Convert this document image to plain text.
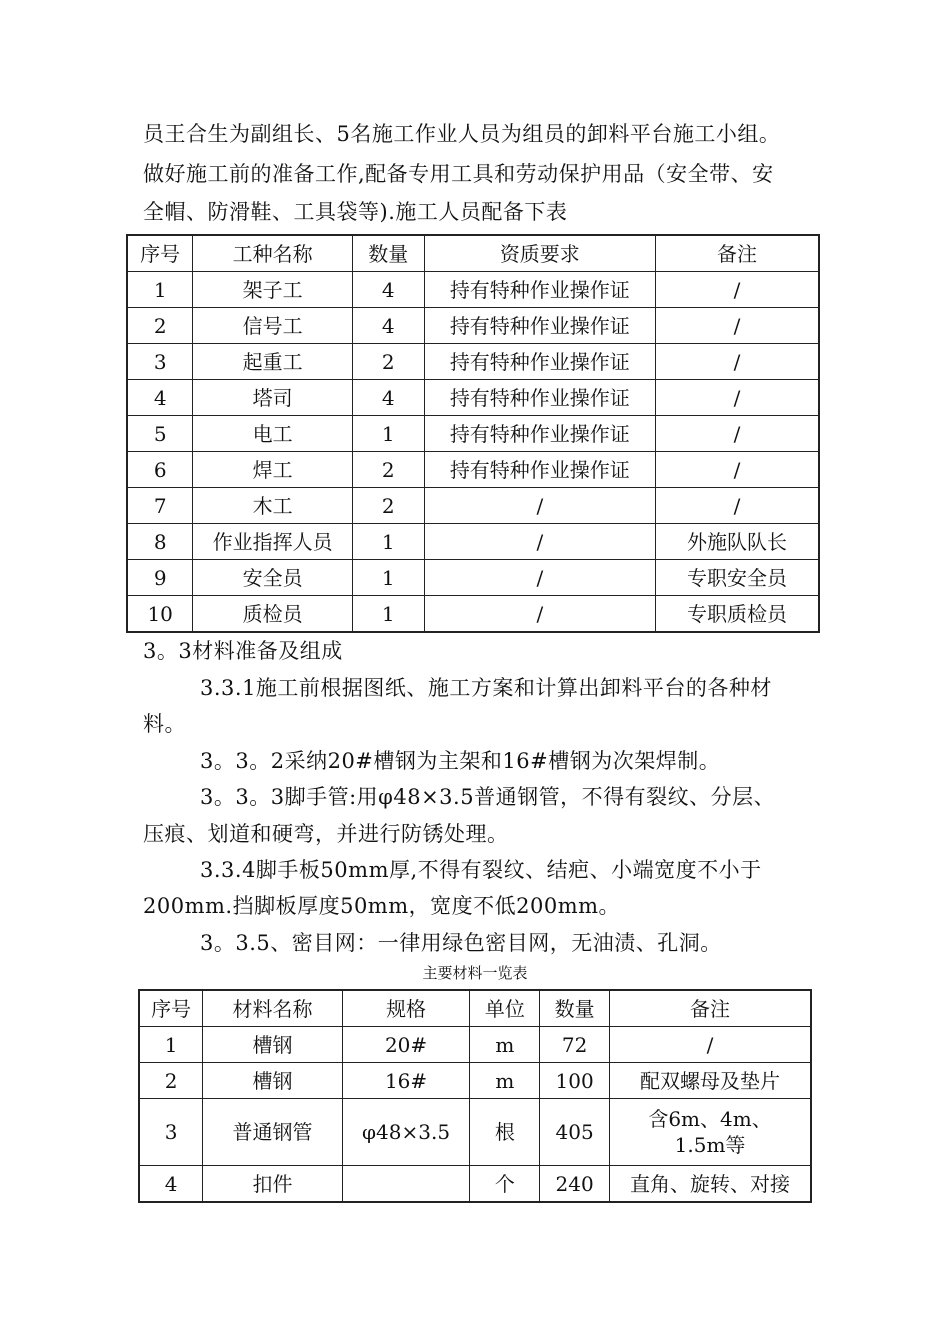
员王合生为副组长、5名施工作业人员为组员的卸料平台施工小组。
做好施工前的准备工作,配备专用工具和劳动保护用品（安全带、安
全帽、防滑鞋、工具袋等).施工人员配备下表
序号	工种名称	数量	资质要求	备注
1	架子工	4	持有特种作业操作证	/
2	信号工	4	持有特种作业操作证	/
3	起重工	2	持有特种作业操作证	/
4	塔司	4	持有特种作业操作证	/
5	电工	1	持有特种作业操作证	/
6	焊工	2	持有特种作业操作证	/
7	木工	2	/	/
8	作业指挥人员	1	/	外施队队长
9	安全员	1	/	专职安全员
10	质检员	1	/	专职质检员
3。3材料准备及组成
3.3.1施工前根据图纸、施工方案和计算出卸料平台的各种材
料。
3。3。2采纳20#槽钢为主架和16#槽钢为次架焊制。
3。3。3脚手管:用φ48×3.5普通钢管，不得有裂纹、分层、
压痕、划道和硬弯，并进行防锈处理。
3.3.4脚手板50mm厚,不得有裂纹、结疤、小端宽度不小于
200mm.挡脚板厚度50mm，宽度不低200mm。
3。3.5、密目网：一律用绿色密目网，无油渍、孔洞。
主要材料一览表
序号	材料名称	规格	单位	数量	备注
1	槽钢	20#	m	72	/
2	槽钢	16#	m	100	配双螺母及垫片
3	普通钢管	φ48×3.5	根	405	含6m、4m、1.5m等
4	扣件		个	240	直角、旋转、对接
